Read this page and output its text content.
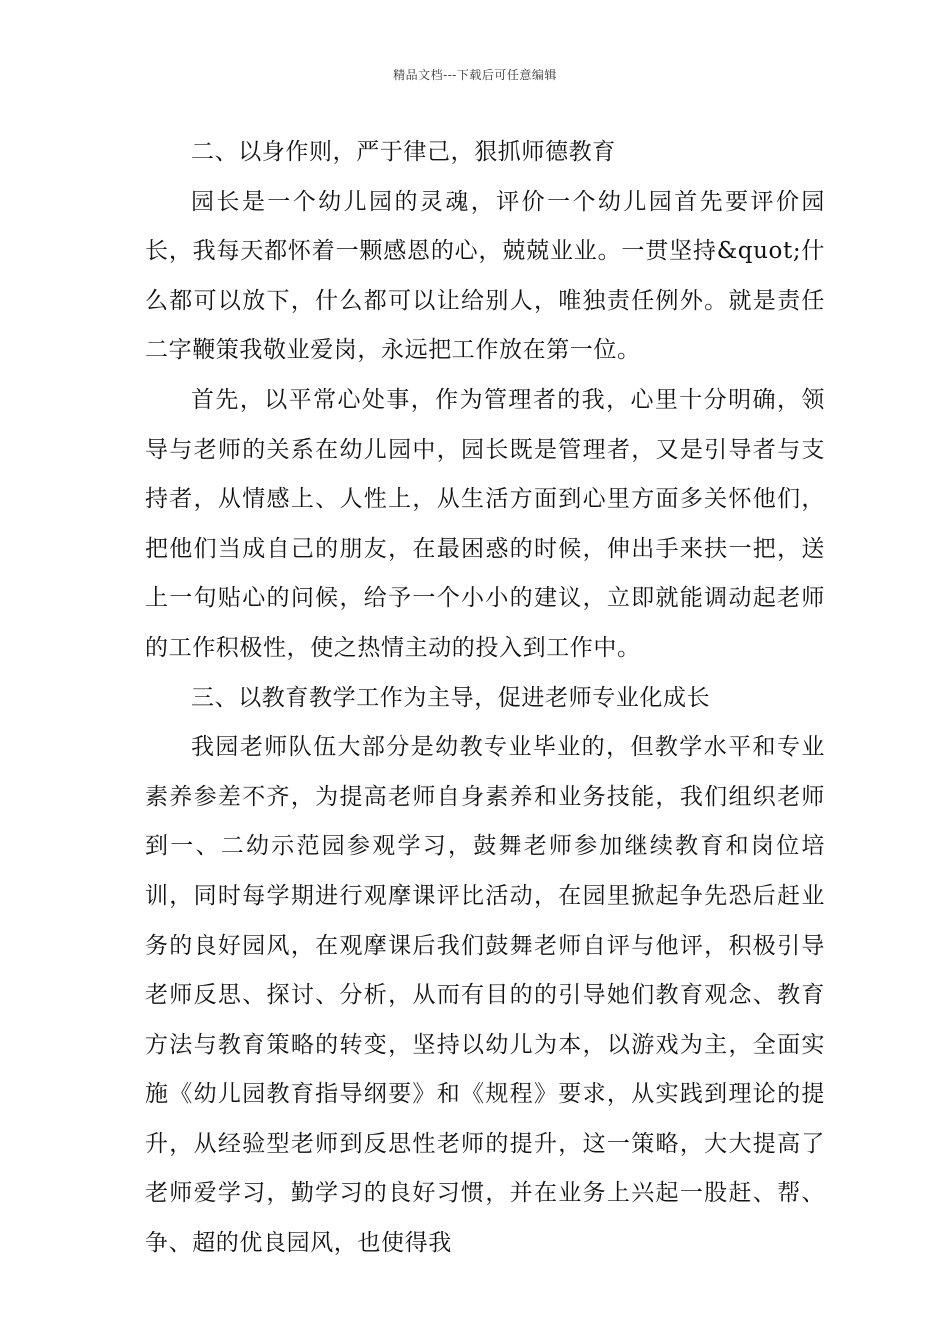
精品文档---下载后可任意编辑

二、以身作则，严于律己，狠抓师德教育

园长是一个幼儿园的灵魂，评价一个幼儿园首先要评价园长，我每天都怀着一颗感恩的心，兢兢业业。一贯坚持&quot;什么都可以放下，什么都可以让给别人，唯独责任例外。就是责任二字鞭策我敬业爱岗，永远把工作放在第一位。

首先，以平常心处事，作为管理者的我，心里十分明确，领导与老师的关系在幼儿园中，园长既是管理者，又是引导者与支持者，从情感上、人性上，从生活方面到心里方面多关怀他们，把他们当成自己的朋友，在最困惑的时候，伸出手来扶一把，送上一句贴心的问候，给予一个小小的建议，立即就能调动起老师的工作积极性，使之热情主动的投入到工作中。

三、以教育教学工作为主导，促进老师专业化成长

我园老师队伍大部分是幼教专业毕业的，但教学水平和专业素养参差不齐，为提高老师自身素养和业务技能，我们组织老师到一、二幼示范园参观学习，鼓舞老师参加继续教育和岗位培训，同时每学期进行观摩课评比活动，在园里掀起争先恐后赶业务的良好园风，在观摩课后我们鼓舞老师自评与他评，积极引导老师反思、探讨、分析，从而有目的的引导她们教育观念、教育方法与教育策略的转变，坚持以幼儿为本，以游戏为主，全面实施《幼儿园教育指导纲要》和《规程》要求，从实践到理论的提升，从经验型老师到反思性老师的提升，这一策略，大大提高了老师爱学习，勤学习的良好习惯，并在业务上兴起一股赶、帮、争、超的优良园风，也使得我
